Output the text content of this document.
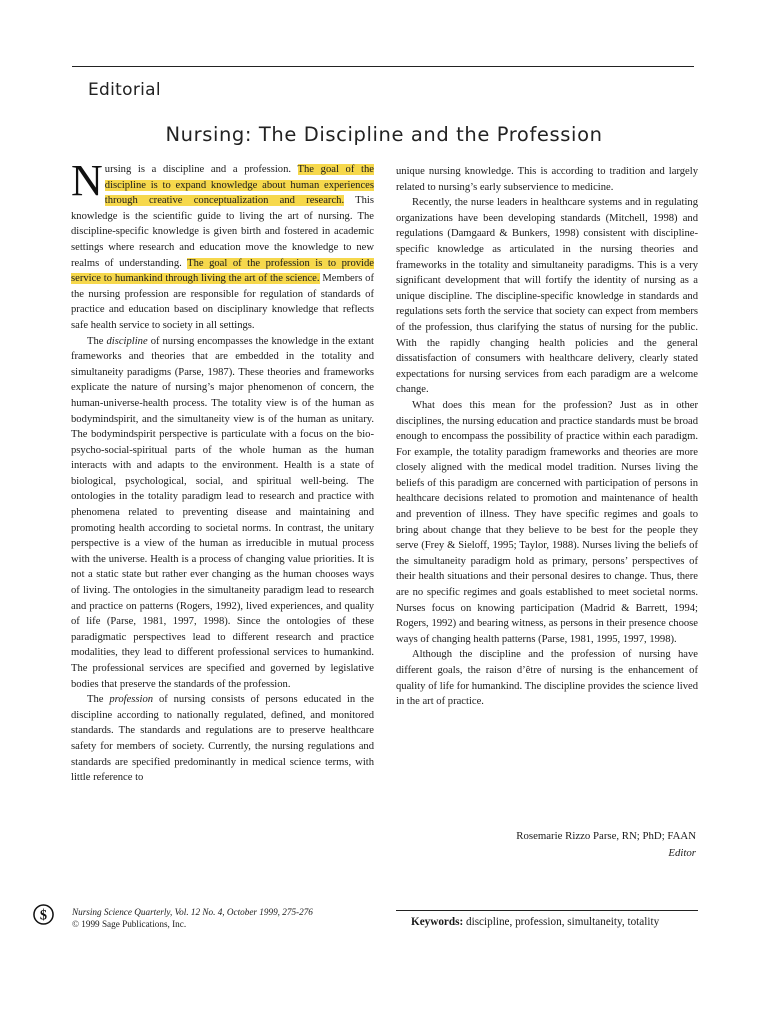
Editorial
Nursing: The Discipline and the Profession

Nursing is a discipline and a profession. The goal of the discipline is to expand knowledge about human experiences through creative conceptualization and research. This knowledge is the scientific guide to living the art of nursing. The discipline-specific knowledge is given birth and fostered in academic settings where research and education move the knowledge to new realms of understanding. The goal of the profession is to provide service to humankind through living the art of the science. Members of the nursing profession are responsible for regulation of standards of practice and education based on disciplinary knowledge that reflects safe health service to society in all settings.

The discipline of nursing encompasses the knowledge in the extant frameworks and theories that are embedded in the totality and simultaneity paradigms (Parse, 1987). These theories and frameworks explicate the nature of nursing’s major phenomenon of concern, the human-universe-health process. The totality view is of the human as bodymindspirit, and the simultaneity view is of the human as unitary. The bodymindspirit perspective is particulate with a focus on the bio-psycho-social-spiritual parts of the whole human as the human interacts with and adapts to the environment. Health is a state of biological, psychological, social, and spiritual well-being. The ontologies in the totality paradigm lead to research and practice with phenomena related to preventing disease and maintaining and promoting health according to societal norms. In contrast, the unitary perspective is a view of the human as irreducible in mutual process with the universe. Health is a process of changing value priorities. It is not a static state but rather ever changing as the human chooses ways of living. The ontologies in the simultaneity paradigm lead to research and practice on patterns (Rogers, 1992), lived experiences, and quality of life (Parse, 1981, 1997, 1998). Since the ontologies of these paradigmatic perspectives lead to different research and practice modalities, they lead to different professional services to humankind. The professional services are specified and governed by legislative bodies that preserve the standards of the profession.

The profession of nursing consists of persons educated in the discipline according to nationally regulated, defined, and monitored standards. The standards and regulations are to preserve healthcare safety for members of society. Currently, the nursing regulations and standards are specified predominantly in medical science terms, with little reference to

unique nursing knowledge. This is according to tradition and largely related to nursing’s early subservience to medicine.

Recently, the nurse leaders in healthcare systems and in regulating organizations have been developing standards (Mitchell, 1998) and regulations (Damgaard & Bunkers, 1998) consistent with discipline-specific knowledge as articulated in the nursing theories and frameworks in the totality and simultaneity paradigms. This is a very significant development that will fortify the identity of nursing as a unique discipline. The discipline-specific knowledge in standards and regulations sets forth the service that society can expect from members of the profession, thus clarifying the status of nursing for the public. With the rapidly changing health policies and the general dissatisfaction of consumers with healthcare delivery, clearly stated expectations for nursing services from each paradigm are a welcome change.

What does this mean for the profession? Just as in other disciplines, the nursing education and practice standards must be broad enough to encompass the possibility of practice within each paradigm. For example, the totality paradigm frameworks and theories are more closely aligned with the medical model tradition. Nurses living the beliefs of this paradigm are concerned with participation of persons in healthcare decisions related to promotion and maintenance of health and prevention of illness. They have specific regimes and goals to bring about change that they believe to be best for the people they serve (Frey & Sieloff, 1995; Taylor, 1988). Nurses living the beliefs of the simultaneity paradigm hold as primary, persons’ perspectives of their health situations and their personal desires to change. Thus, there are no specific regimes and goals established to meet societal norms. Nurses focus on knowing participation (Madrid & Barrett, 1994; Rogers, 1992) and bearing witness, as persons in their presence choose ways of changing health patterns (Parse, 1981, 1995, 1997, 1998).

Although the discipline and the profession of nursing have different goals, the raison d’être of nursing is the enhancement of quality of life for humankind. The discipline provides the science lived in the art of practice.

Rosemarie Rizzo Parse, RN; PhD; FAAN
Editor
$	Nursing Science Quarterly, Vol. 12 No. 4, October 1999, 275-276
© 1999 Sage Publications, Inc.	Keywords: discipline, profession, simultaneity, totality
